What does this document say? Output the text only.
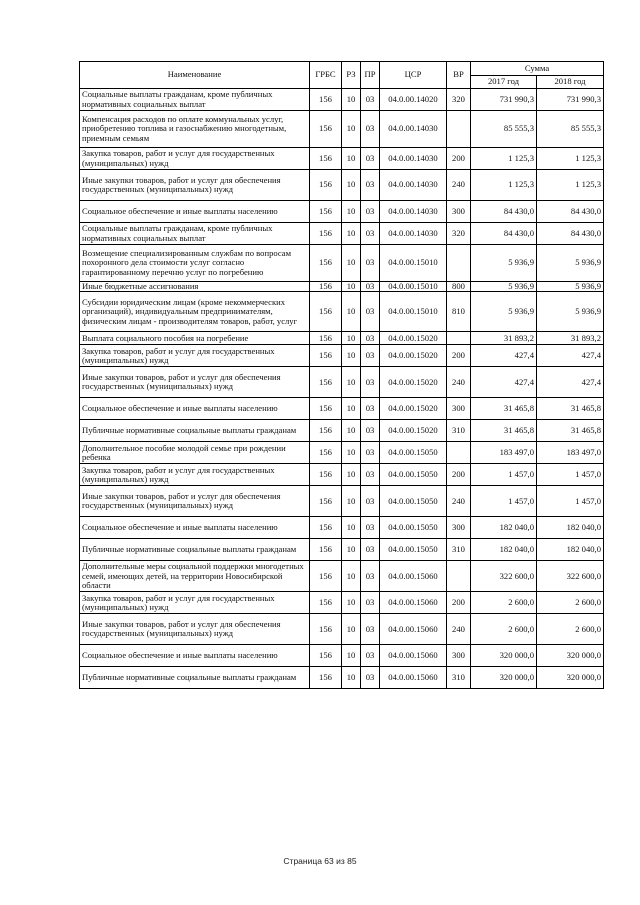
Наименование	ГРБС	РЗ	ПР	ЦСР	ВР	Сумма	
						2017 год	2018 год
Социальные выплаты гражданам, кроме публичных нормативных социальных выплат	156	10	03	04.0.00.14020	320	731 990,3	731 990,3
Компенсация расходов по оплате коммунальных услуг, приобретению топлива и газоснабжению многодетным, приемным семьям	156	10	03	04.0.00.14030		85 555,3	85 555,3
Закупка товаров, работ и услуг для государственных (муниципальных) нужд	156	10	03	04.0.00.14030	200	1 125,3	1 125,3
Иные закупки товаров, работ и услуг для обеспечения государственных (муниципальных) нужд	156	10	03	04.0.00.14030	240	1 125,3	1 125,3
Социальное обеспечение и иные выплаты населению	156	10	03	04.0.00.14030	300	84 430,0	84 430,0
Социальные выплаты гражданам, кроме публичных нормативных социальных выплат	156	10	03	04.0.00.14030	320	84 430,0	84 430,0
Возмещение специализированным службам по вопросам похоронного дела стоимости услуг согласно гарантированному перечню услуг по погребению	156	10	03	04.0.00.15010		5 936,9	5 936,9
Иные бюджетные ассигнования	156	10	03	04.0.00.15010	800	5 936,9	5 936,9
Субсидии юридическим лицам (кроме некоммерческих организаций), индивидуальным предпринимателям, физическим лицам - производителям товаров, работ, услуг	156	10	03	04.0.00.15010	810	5 936,9	5 936,9
Выплата социального пособия на погребение	156	10	03	04.0.00.15020		31 893,2	31 893,2
Закупка товаров, работ и услуг для государственных (муниципальных) нужд	156	10	03	04.0.00.15020	200	427,4	427,4
Иные закупки товаров, работ и услуг для обеспечения государственных (муниципальных) нужд	156	10	03	04.0.00.15020	240	427,4	427,4
Социальное обеспечение и иные выплаты населению	156	10	03	04.0.00.15020	300	31 465,8	31 465,8
Публичные нормативные социальные выплаты гражданам	156	10	03	04.0.00.15020	310	31 465,8	31 465,8
Дополнительное пособие молодой семье при рождении ребенка	156	10	03	04.0.00.15050		183 497,0	183 497,0
Закупка товаров, работ и услуг для государственных (муниципальных) нужд	156	10	03	04.0.00.15050	200	1 457,0	1 457,0
Иные закупки товаров, работ и услуг для обеспечения государственных (муниципальных) нужд	156	10	03	04.0.00.15050	240	1 457,0	1 457,0
Социальное обеспечение и иные выплаты населению	156	10	03	04.0.00.15050	300	182 040,0	182 040,0
Публичные нормативные социальные выплаты гражданам	156	10	03	04.0.00.15050	310	182 040,0	182 040,0
Дополнительные меры социальной поддержки многодетных семей, имеющих детей, на территории Новосибирской области	156	10	03	04.0.00.15060		322 600,0	322 600,0
Закупка товаров, работ и услуг для государственных (муниципальных) нужд	156	10	03	04.0.00.15060	200	2 600,0	2 600,0
Иные закупки товаров, работ и услуг для обеспечения государственных (муниципальных) нужд	156	10	03	04.0.00.15060	240	2 600,0	2 600,0
Социальное обеспечение и иные выплаты населению	156	10	03	04.0.00.15060	300	320 000,0	320 000,0
Публичные нормативные социальные выплаты гражданам	156	10	03	04.0.00.15060	310	320 000,0	320 000,0
Страница 63 из 85
